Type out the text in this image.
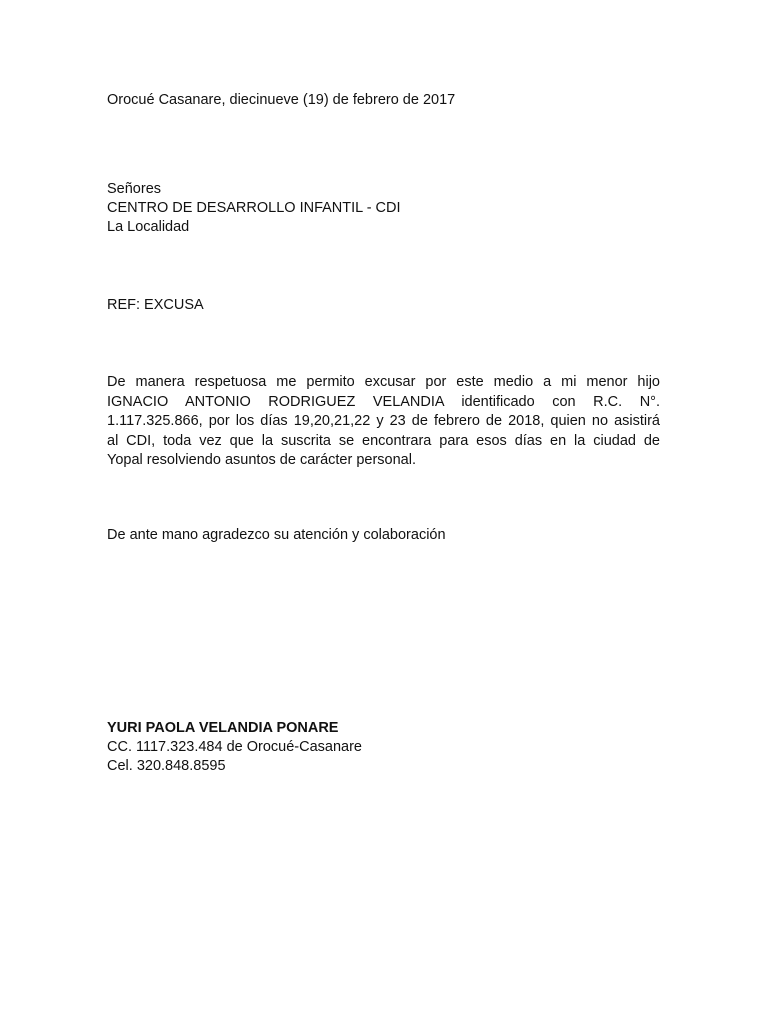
Orocué Casanare, diecinueve (19) de febrero de 2017
Señores
CENTRO DE DESARROLLO INFANTIL - CDI
La Localidad
REF: EXCUSA
De manera respetuosa me permito excusar por este medio a mi menor hijo
IGNACIO ANTONIO RODRIGUEZ VELANDIA identificado con R.C. N°.
1.117.325.866, por los días 19,20,21,22 y 23 de febrero de 2018, quien no asistirá
al CDI, toda vez que la suscrita se encontrara para esos días en la ciudad de
Yopal resolviendo asuntos de carácter personal.
De ante mano agradezco su atención y colaboración
YURI PAOLA VELANDIA PONARE
CC. 1117.323.484 de Orocué-Casanare
Cel. 320.848.8595
